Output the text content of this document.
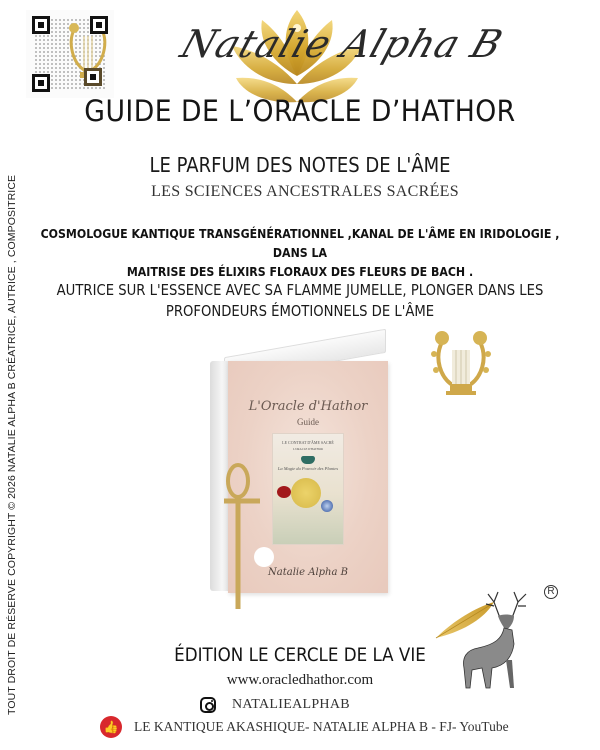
Natalie Alpha B
GUIDE DE L’ORACLE D’HATHOR
LE PARFUM DES NOTES DE L'ÂME
LES SCIENCES ANCESTRALES SACRÉES
COSMOLOGUE KANTIQUE TRANSGÉNÉRATIONNEL ,KANAL DE L'ÂME EN IRIDOLOGIE , DANS LA
MAITRISE DES ÉLIXIRS FLORAUX DES FLEURS DE BACH .
AUTRICE SUR L'ESSENCE AVEC SA FLAMME JUMELLE, PLONGER DANS LES
PROFONDEURS ÉMOTIONNELS DE L'ÂME
TOUT DROIT DE RÉSERVE COPYRIGHT © 2026 NATALIE ALPHA B CRÉATRICE, AUTRICE , COMPOSITRICE	L'Oracle d'Hathor
Guide
LE CONTRAT D'ÂME SACRÉ
L'ORACLE D'HATHOR
La Magie du Pouvoir des Plantes
Natalie Alpha B
R
ÉDITION LE CERCLE DE LA VIE
www.oracledhathor.com
NATALIEALPHAB
👍 LE KANTIQUE AKASHIQUE- NATALIE ALPHA B - FJ- YouTube
